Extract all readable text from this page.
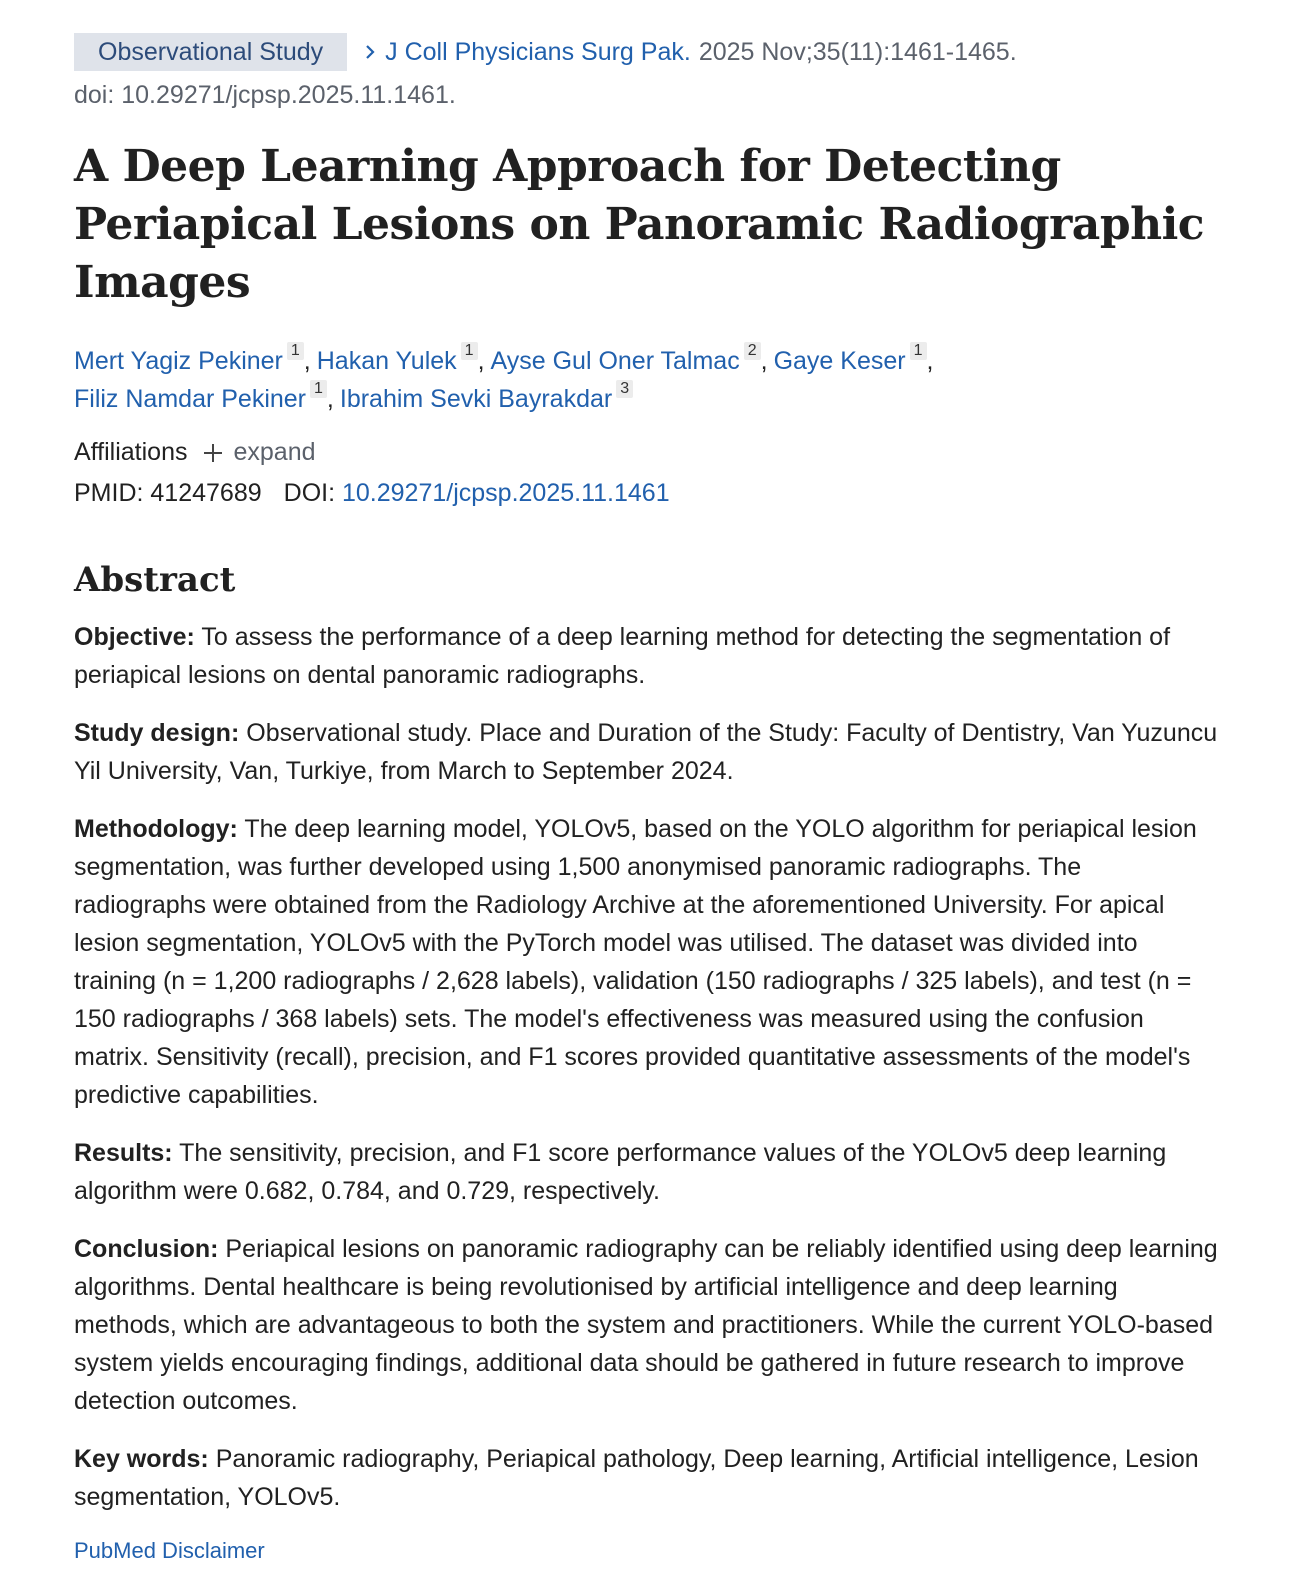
Observational Study	J Coll Physicians Surg Pak. 2025 Nov;35(11):1461-1465.
doi: 10.29271/jcpsp.2025.11.1461.
A Deep Learning Approach for Detecting Periapical Lesions on Panoramic Radiographic Images
Mert Yagiz Pekiner 1 , Hakan Yulek 1 , Ayse Gul Oner Talmac 2 , Gaye Keser 1 ,
Filiz Namdar Pekiner 1 , Ibrahim Sevki Bayrakdar 3
Affiliations expand
PMID: 41247689 DOI: 10.29271/jcpsp.2025.11.1461
Abstract

Objective: To assess the performance of a deep learning method for detecting the segmentation of periapical lesions on dental panoramic radiographs.

Study design: Observational study. Place and Duration of the Study: Faculty of Dentistry, Van Yuzuncu Yil University, Van, Turkiye, from March to September 2024.

Methodology: The deep learning model, YOLOv5, based on the YOLO algorithm for periapical lesion segmentation, was further developed using 1,500 anonymised panoramic radiographs. The radiographs were obtained from the Radiology Archive at the aforementioned University. For apical lesion segmentation, YOLOv5 with the PyTorch model was utilised. The dataset was divided into training (n = 1,200 radiographs / 2,628 labels), validation (150 radiographs / 325 labels), and test (n = 150 radiographs / 368 labels) sets. The model's effectiveness was measured using the confusion matrix. Sensitivity (recall), precision, and F1 scores provided quantitative assessments of the model's predictive capabilities.

Results: The sensitivity, precision, and F1 score performance values of the YOLOv5 deep learning algorithm were 0.682, 0.784, and 0.729, respectively.

Conclusion: Periapical lesions on panoramic radiography can be reliably identified using deep learning algorithms. Dental healthcare is being revolutionised by artificial intelligence and deep learning methods, which are advantageous to both the system and practitioners. While the current YOLO-based system yields encouraging findings, additional data should be gathered in future research to improve detection outcomes.

Key words: Panoramic radiography, Periapical pathology, Deep learning, Artificial intelligence, Lesion segmentation, YOLOv5.

PubMed Disclaimer
